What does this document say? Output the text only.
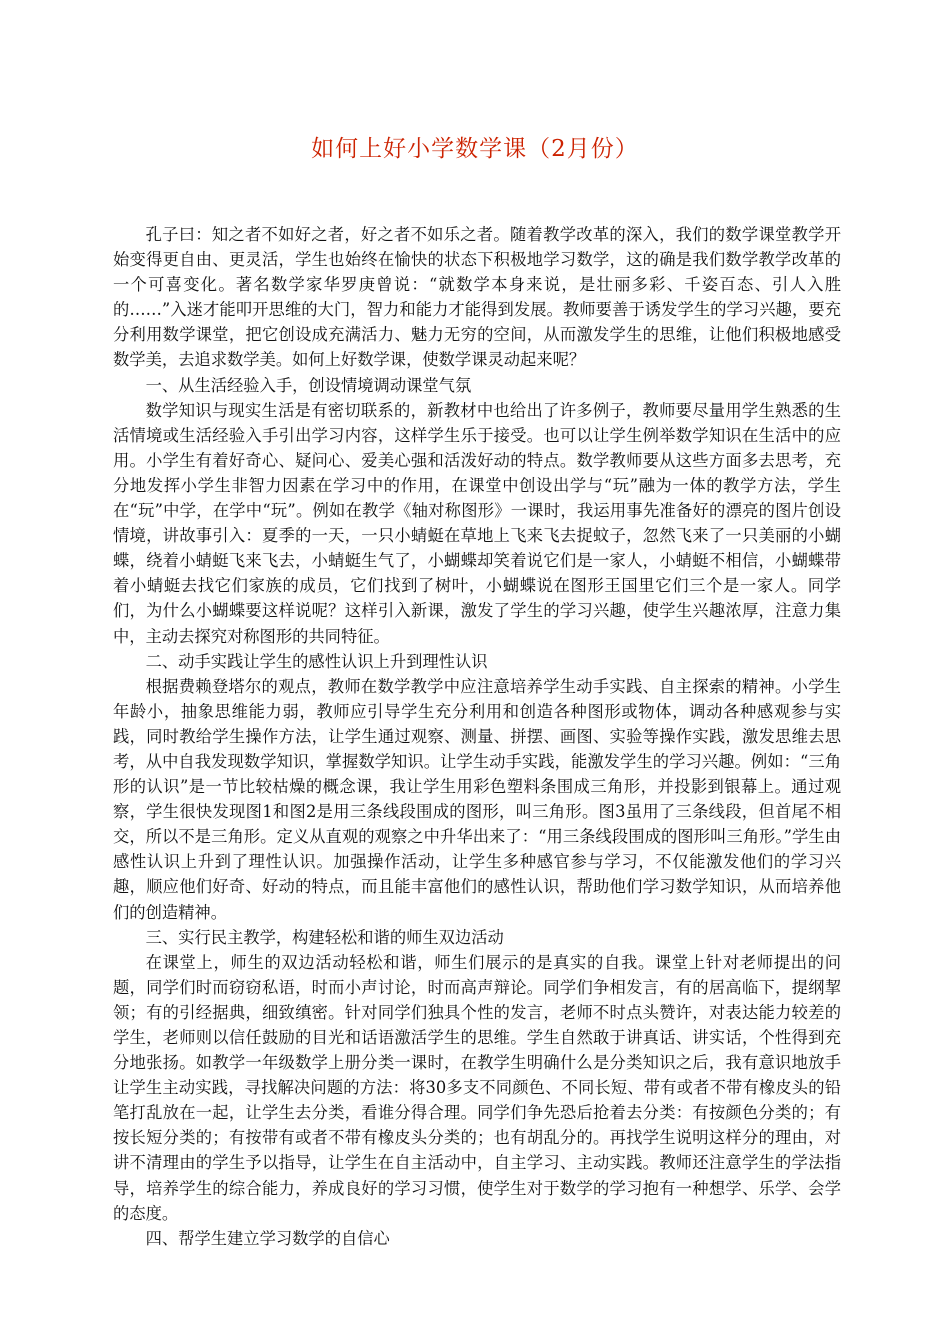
如何上好小学数学课（2月份）

孔子曰：知之者不如好之者，好之者不如乐之者。随着教学改革的深入，我们的数学课堂教学开始变得更自由、更灵活，学生也始终在愉快的状态下积极地学习数学，这的确是我们数学教学改革的一个可喜变化。著名数学家华罗庚曾说：“就数学本身来说，是壮丽多彩、千姿百态、引人入胜的……”入迷才能叩开思维的大门，智力和能力才能得到发展。教师要善于诱发学生的学习兴趣，要充分利用数学课堂，把它创设成充满活力、魅力无穷的空间，从而激发学生的思维，让他们积极地感受数学美，去追求数学美。如何上好数学课，使数学课灵动起来呢？

一、从生活经验入手，创设情境调动课堂气氛

数学知识与现实生活是有密切联系的，新教材中也给出了许多例子，教师要尽量用学生熟悉的生活情境或生活经验入手引出学习内容，这样学生乐于接受。也可以让学生例举数学知识在生活中的应用。小学生有着好奇心、疑问心、爱美心强和活泼好动的特点。数学教师要从这些方面多去思考，充分地发挥小学生非智力因素在学习中的作用，在课堂中创设出学与“玩”融为一体的教学方法，学生在“玩”中学，在学中“玩”。例如在教学《轴对称图形》一课时，我运用事先准备好的漂亮的图片创设情境，讲故事引入：夏季的一天，一只小蜻蜓在草地上飞来飞去捉蚊子，忽然飞来了一只美丽的小蝴蝶，绕着小蜻蜓飞来飞去，小蜻蜓生气了，小蝴蝶却笑着说它们是一家人，小蜻蜓不相信，小蝴蝶带着小蜻蜓去找它们家族的成员，它们找到了树叶，小蝴蝶说在图形王国里它们三个是一家人。同学们，为什么小蝴蝶要这样说呢？这样引入新课，激发了学生的学习兴趣，使学生兴趣浓厚，注意力集中，主动去探究对称图形的共同特征。

二、动手实践让学生的感性认识上升到理性认识

根据费赖登塔尔的观点，教师在数学教学中应注意培养学生动手实践、自主探索的精神。小学生年龄小，抽象思维能力弱，教师应引导学生充分利用和创造各种图形或物体，调动各种感观参与实践，同时教给学生操作方法，让学生通过观察、测量、拼摆、画图、实验等操作实践，激发思维去思考，从中自我发现数学知识，掌握数学知识。让学生动手实践，能激发学生的学习兴趣。例如：“三角形的认识”是一节比较枯燥的概念课，我让学生用彩色塑料条围成三角形，并投影到银幕上。通过观察，学生很快发现图1和图2是用三条线段围成的图形，叫三角形。图3虽用了三条线段，但首尾不相交，所以不是三角形。定义从直观的观察之中升华出来了：“用三条线段围成的图形叫三角形。”学生由感性认识上升到了理性认识。加强操作活动，让学生多种感官参与学习，不仅能激发他们的学习兴趣，顺应他们好奇、好动的特点，而且能丰富他们的感性认识，帮助他们学习数学知识，从而培养他们的创造精神。

三、实行民主教学，构建轻松和谐的师生双边活动

在课堂上，师生的双边活动轻松和谐，师生们展示的是真实的自我。课堂上针对老师提出的问题，同学们时而窃窃私语，时而小声讨论，时而高声辩论。同学们争相发言，有的居高临下，提纲挈领；有的引经据典，细致缜密。针对同学们独具个性的发言，老师不时点头赞许，对表达能力较差的学生，老师则以信任鼓励的目光和话语激活学生的思维。学生自然敢于讲真话、讲实话，个性得到充分地张扬。如教学一年级数学上册分类一课时，在教学生明确什么是分类知识之后，我有意识地放手让学生主动实践，寻找解决问题的方法：将30多支不同颜色、不同长短、带有或者不带有橡皮头的铅笔打乱放在一起，让学生去分类，看谁分得合理。同学们争先恐后抢着去分类：有按颜色分类的；有按长短分类的；有按带有或者不带有橡皮头分类的；也有胡乱分的。再找学生说明这样分的理由，对讲不清理由的学生予以指导，让学生在自主活动中，自主学习、主动实践。教师还注意学生的学法指导，培养学生的综合能力，养成良好的学习习惯，使学生对于数学的学习抱有一种想学、乐学、会学的态度。

四、帮学生建立学习数学的自信心
